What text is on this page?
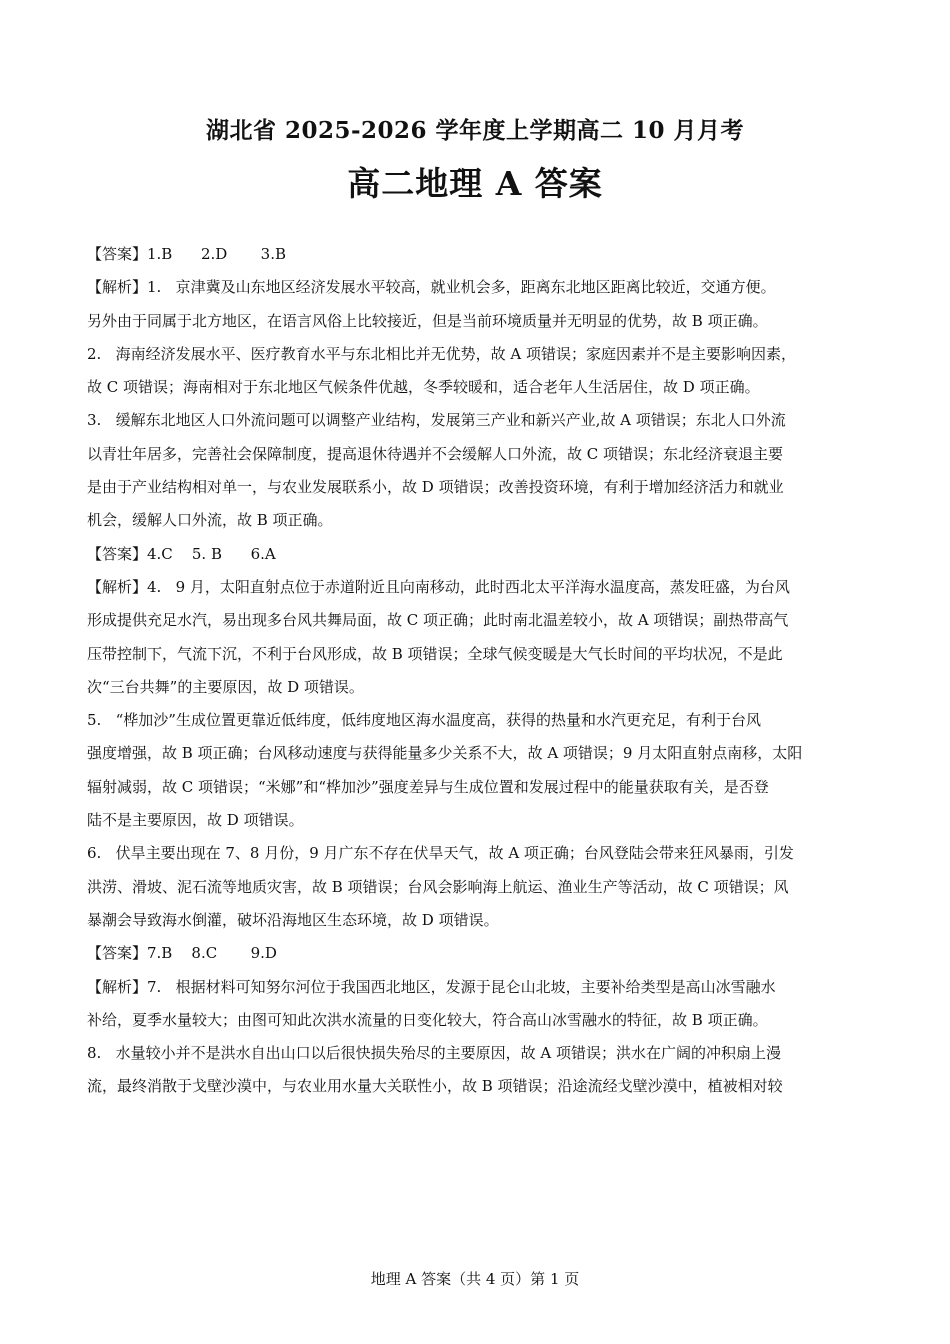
湖北省 2025-2026 学年度上学期高二 10 月月考
高二地理 A 答案
【答案】1.B      2.D       3.B
【解析】1.   京津冀及山东地区经济发展水平较高，就业机会多，距离东北地区距离比较近，交通方便。
另外由于同属于北方地区，在语言风俗上比较接近，但是当前环境质量并无明显的优势，故 B 项正确。
2.   海南经济发展水平、医疗教育水平与东北相比并无优势，故 A 项错误；家庭因素并不是主要影响因素，
故 C 项错误；海南相对于东北地区气候条件优越，冬季较暖和，适合老年人生活居住，故 D 项正确。
3.   缓解东北地区人口外流问题可以调整产业结构，发展第三产业和新兴产业,故 A 项错误；东北人口外流
以青壮年居多，完善社会保障制度，提高退休待遇并不会缓解人口外流，故 C 项错误；东北经济衰退主要
是由于产业结构相对单一，与农业发展联系小，故 D 项错误；改善投资环境，有利于增加经济活力和就业
机会，缓解人口外流，故 B 项正确。
【答案】4.C    5. B      6.A
【解析】4.   9 月，太阳直射点位于赤道附近且向南移动，此时西北太平洋海水温度高，蒸发旺盛，为台风
形成提供充足水汽，易出现多台风共舞局面，故 C 项正确；此时南北温差较小，故 A 项错误；副热带高气
压带控制下，气流下沉，不利于台风形成，故 B 项错误；全球气候变暖是大气长时间的平均状况，不是此
次“三台共舞”的主要原因，故 D 项错误。
5.   “桦加沙”生成位置更靠近低纬度，低纬度地区海水温度高，获得的热量和水汽更充足，有利于台风
强度增强，故 B 项正确；台风移动速度与获得能量多少关系不大，故 A 项错误；9 月太阳直射点南移，太阳
辐射减弱，故 C 项错误；“米娜”和“桦加沙”强度差异与生成位置和发展过程中的能量获取有关，是否登
陆不是主要原因，故 D 项错误。
6.   伏旱主要出现在 7、8 月份，9 月广东不存在伏旱天气，故 A 项正确；台风登陆会带来狂风暴雨，引发
洪涝、滑坡、泥石流等地质灾害，故 B 项错误；台风会影响海上航运、渔业生产等活动，故 C 项错误；风
暴潮会导致海水倒灌，破坏沿海地区生态环境，故 D 项错误。
【答案】7.B    8.C       9.D
【解析】7.   根据材料可知努尔河位于我国西北地区，发源于昆仑山北坡，主要补给类型是高山冰雪融水
补给，夏季水量较大；由图可知此次洪水流量的日变化较大，符合高山冰雪融水的特征，故 B 项正确。
8.   水量较小并不是洪水自出山口以后很快损失殆尽的主要原因，故 A 项错误；洪水在广阔的冲积扇上漫
流，最终消散于戈壁沙漠中，与农业用水量大关联性小，故 B 项错误；沿途流经戈壁沙漠中，植被相对较
地理 A 答案（共 4 页）第 1 页
